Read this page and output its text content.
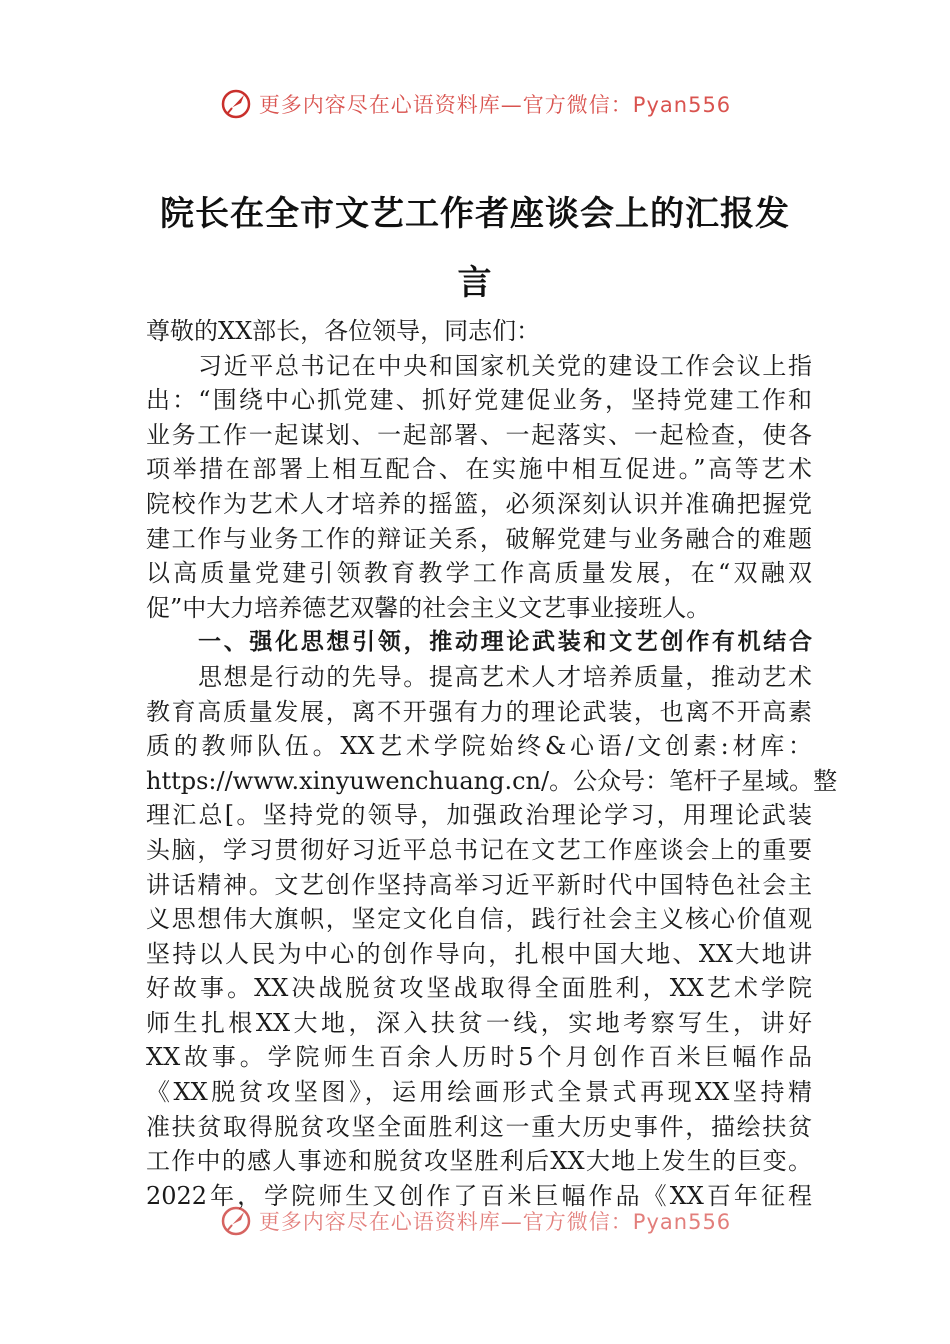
更多内容尽在心语资料库—官方微信：Pyan556
院长在全市文艺工作者座谈会上的汇报发
言
尊敬的XX部长，各位领导，同志们：
习近平总书记在中央和国家机关党的建设工作会议上指
出：“围绕中心抓党建、抓好党建促业务，坚持党建工作和
业务工作一起谋划、一起部署、一起落实、一起检查，使各
项举措在部署上相互配合、在实施中相互促进。”高等艺术
院校作为艺术人才培养的摇篮，必须深刻认识并准确把握党
建工作与业务工作的辩证关系，破解党建与业务融合的难题
以高质量党建引领教育教学工作高质量发展，在“双融双
促”中大力培养德艺双馨的社会主义文艺事业接班人。
一、强化思想引领，推动理论武装和文艺创作有机结合
思想是行动的先导。提高艺术人才培养质量，推动艺术
教育高质量发展，离不开强有力的理论武装，也离不开高素
质的教师队伍。XX艺术学院始终&心语/文创素:材库：
https://www.xinyuwenchuang.cn/。公众号：笔杆子星域。整
理汇总[。坚持党的领导，加强政治理论学习，用理论武装
头脑，学习贯彻好习近平总书记在文艺工作座谈会上的重要
讲话精神。文艺创作坚持高举习近平新时代中国特色社会主
义思想伟大旗帜，坚定文化自信，践行社会主义核心价值观
坚持以人民为中心的创作导向，扎根中国大地、XX大地讲
好故事。XX决战脱贫攻坚战取得全面胜利，XX艺术学院
师生扎根XX大地，深入扶贫一线，实地考察写生，讲好
XX故事。学院师生百余人历时5个月创作百米巨幅作品
《XX脱贫攻坚图》，运用绘画形式全景式再现XX坚持精
准扶贫取得脱贫攻坚全面胜利这一重大历史事件，描绘扶贫
工作中的感人事迹和脱贫攻坚胜利后XX大地上发生的巨变。
2022年，学院师生又创作了百米巨幅作品《XX百年征程
更多内容尽在心语资料库—官方微信：Pyan556
